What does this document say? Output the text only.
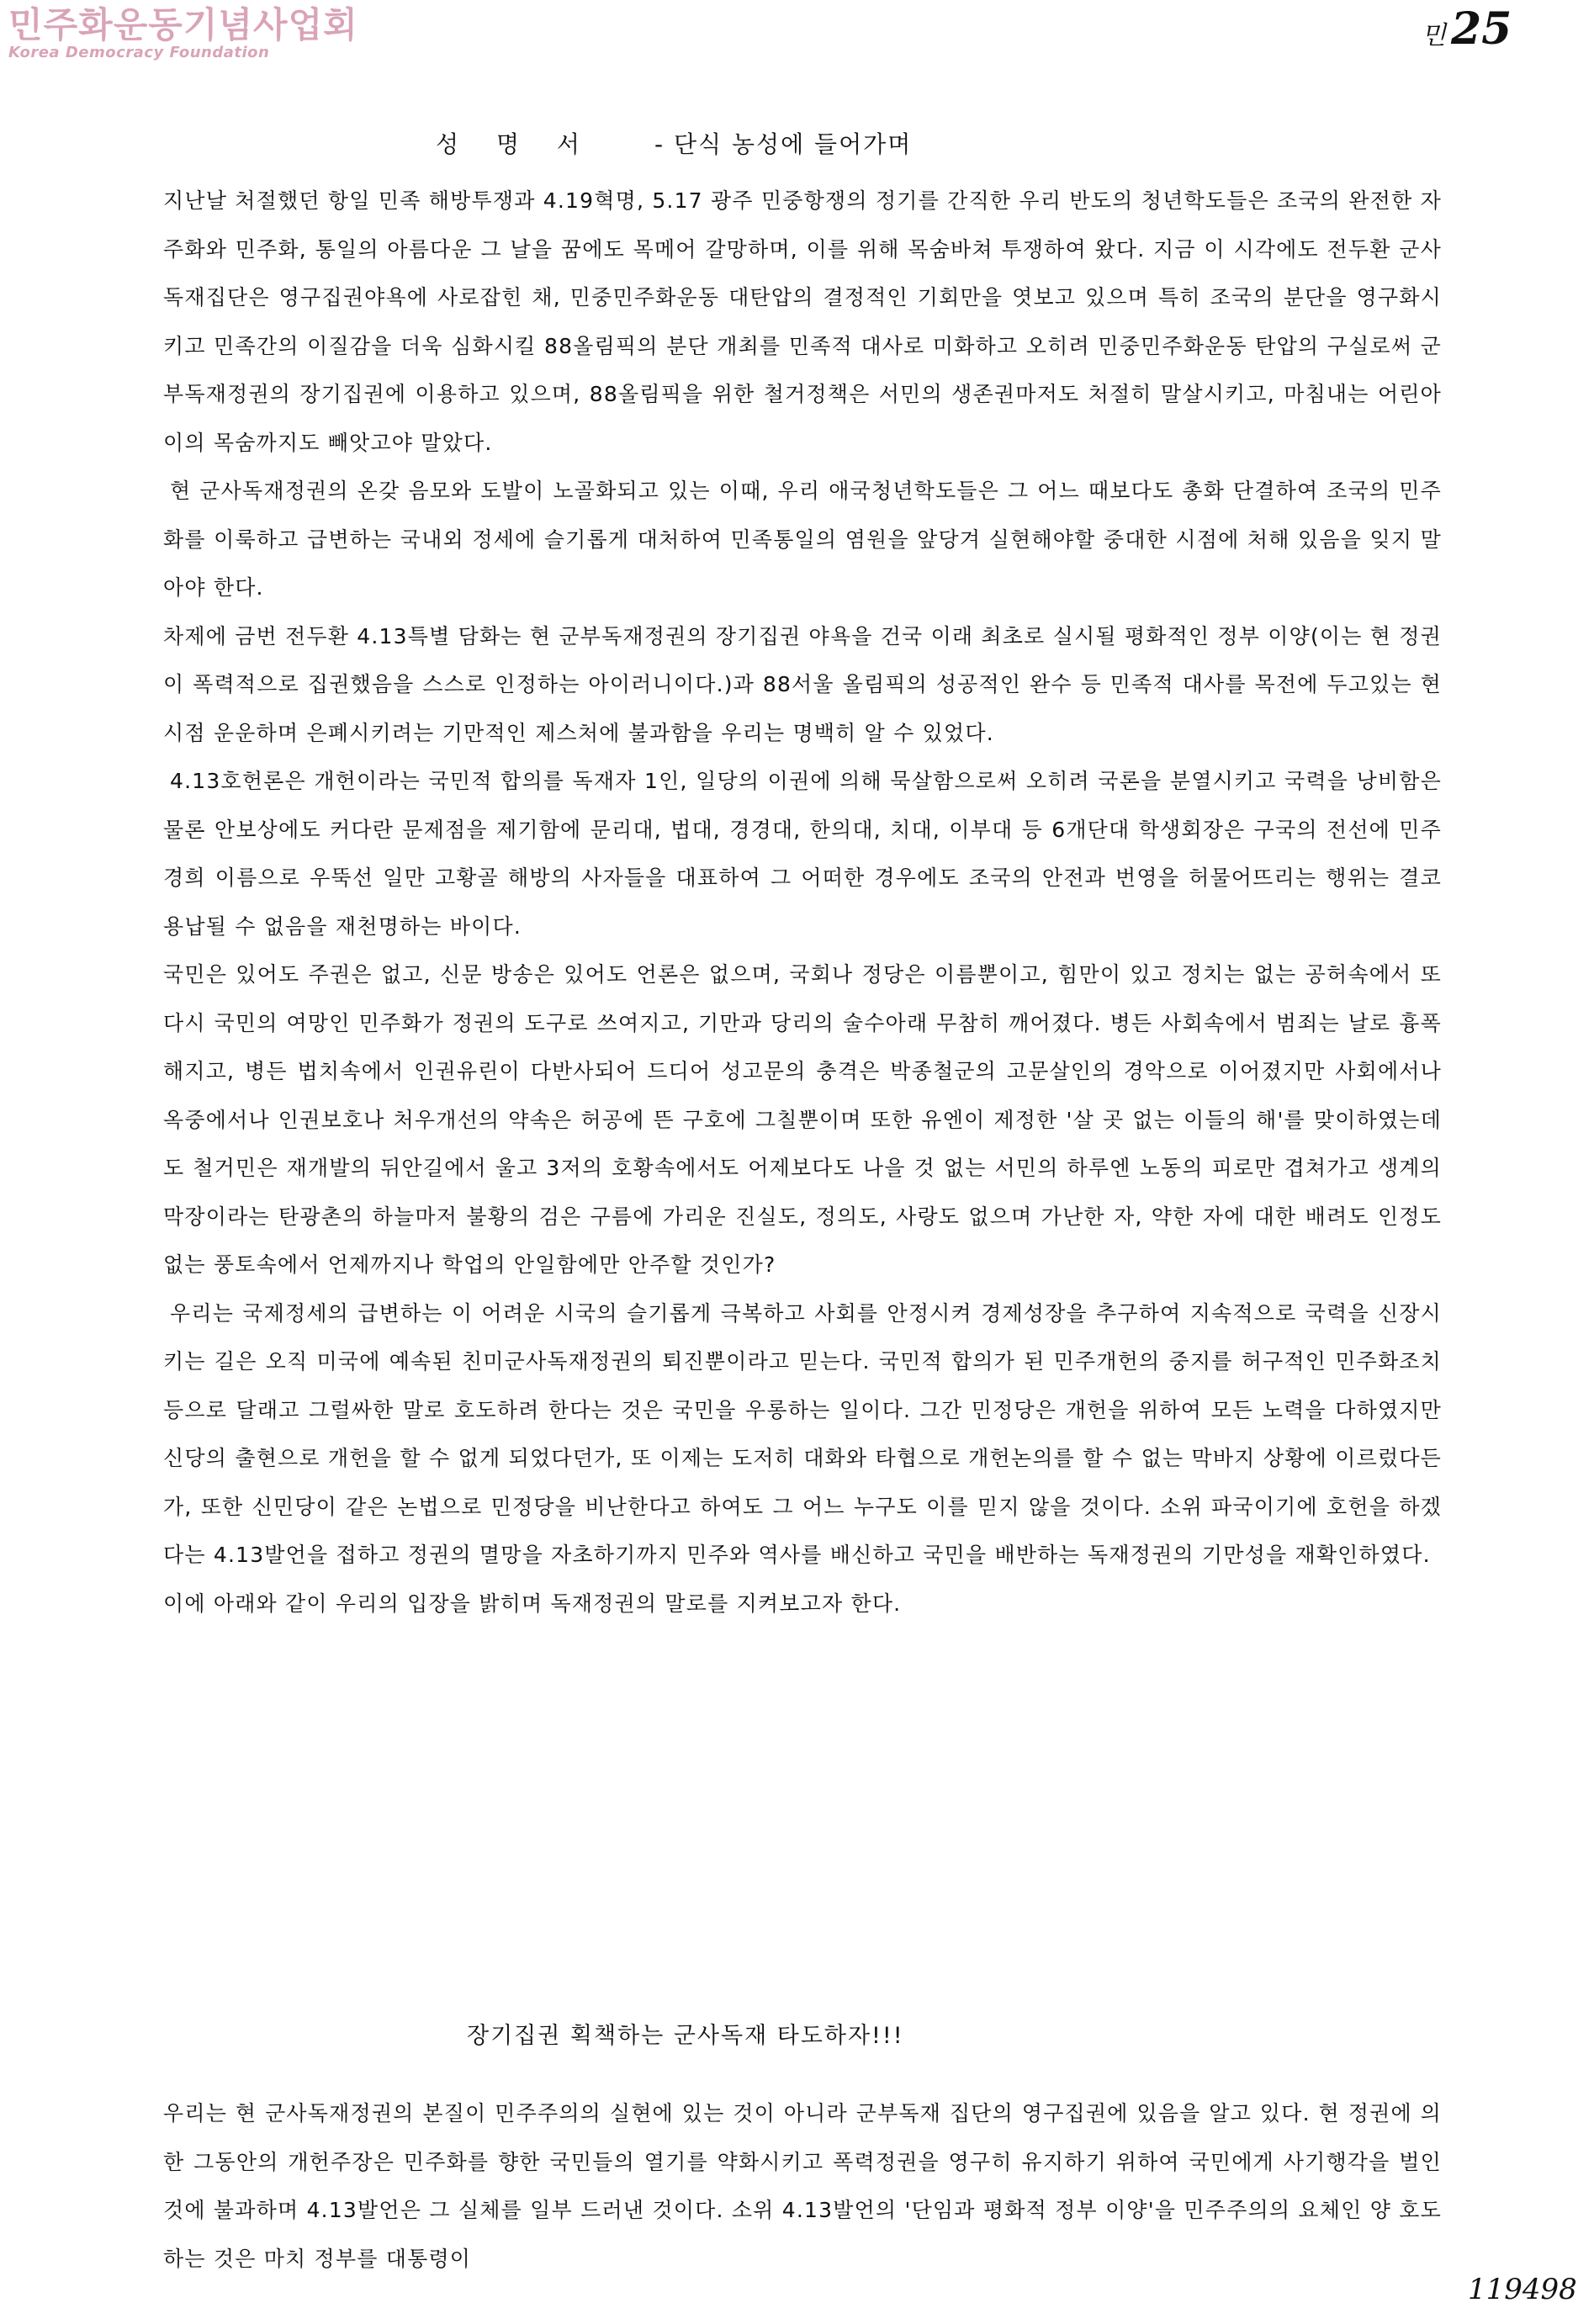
민주화운동기념사업회
Korea Democracy Foundation
민 25
성 명 서	- 단식 농성에 들어가며

지난날 처절했던 항일 민족 해방투쟁과 4.19혁명, 5.17 광주 민중항쟁의 정기를 간직한 우리 반도의 청년학도들은 조국의 완전한 자주화와 민주화, 통일의 아름다운 그 날을 꿈에도 목메어 갈망하며, 이를 위해 목숨바쳐 투쟁하여 왔다. 지금 이 시각에도 전두환 군사독재집단은 영구집권야욕에 사로잡힌 채, 민중민주화운동 대탄압의 결정적인 기회만을 엿보고 있으며 특히 조국의 분단을 영구화시키고 민족간의 이질감을 더욱 심화시킬 88올림픽의 분단 개최를 민족적 대사로 미화하고 오히려 민중민주화운동 탄압의 구실로써 군부독재정권의 장기집권에 이용하고 있으며, 88올림픽을 위한 철거정책은 서민의 생존권마저도 처절히 말살시키고, 마침내는 어린아이의 목숨까지도 빼앗고야 말았다.

현 군사독재정권의 온갖 음모와 도발이 노골화되고 있는 이때, 우리 애국청년학도들은 그 어느 때보다도 총화 단결하여 조국의 민주화를 이룩하고 급변하는 국내외 정세에 슬기롭게 대처하여 민족통일의 염원을 앞당겨 실현해야할 중대한 시점에 처해 있음을 잊지 말아야 한다.

차제에 금번 전두환 4.13특별 담화는 현 군부독재정권의 장기집권 야욕을 건국 이래 최초로 실시될 평화적인 정부 이양(이는 현 정권이 폭력적으로 집권했음을 스스로 인정하는 아이러니이다.)과 88서울 올림픽의 성공적인 완수 등 민족적 대사를 목전에 두고있는 현시점 운운하며 은폐시키려는 기만적인 제스처에 불과함을 우리는 명백히 알 수 있었다.

4.13호헌론은 개헌이라는 국민적 합의를 독재자 1인, 일당의 이권에 의해 묵살함으로써 오히려 국론을 분열시키고 국력을 낭비함은 물론 안보상에도 커다란 문제점을 제기함에 문리대, 법대, 경경대, 한의대, 치대, 이부대 등 6개단대 학생회장은 구국의 전선에 민주경희 이름으로 우뚝선 일만 고황골 해방의 사자들을 대표하여 그 어떠한 경우에도 조국의 안전과 번영을 허물어뜨리는 행위는 결코 용납될 수 없음을 재천명하는 바이다.

국민은 있어도 주권은 없고, 신문 방송은 있어도 언론은 없으며, 국회나 정당은 이름뿐이고, 힘만이 있고 정치는 없는 공허속에서 또다시 국민의 여망인 민주화가 정권의 도구로 쓰여지고, 기만과 당리의 술수아래 무참히 깨어졌다. 병든 사회속에서 범죄는 날로 흉폭해지고, 병든 법치속에서 인권유린이 다반사되어 드디어 성고문의 충격은 박종철군의 고문살인의 경악으로 이어졌지만 사회에서나 옥중에서나 인권보호나 처우개선의 약속은 허공에 뜬 구호에 그칠뿐이며 또한 유엔이 제정한 '살 곳 없는 이들의 해'를 맞이하였는데도 철거민은 재개발의 뒤안길에서 울고 3저의 호황속에서도 어제보다도 나을 것 없는 서민의 하루엔 노동의 피로만 겹쳐가고 생계의 막장이라는 탄광촌의 하늘마저 불황의 검은 구름에 가리운 진실도, 정의도, 사랑도 없으며 가난한 자, 약한 자에 대한 배려도 인정도 없는 풍토속에서 언제까지나 학업의 안일함에만 안주할 것인가?

우리는 국제정세의 급변하는 이 어려운 시국의 슬기롭게 극복하고 사회를 안정시켜 경제성장을 추구하여 지속적으로 국력을 신장시키는 길은 오직 미국에 예속된 친미군사독재정권의 퇴진뿐이라고 믿는다. 국민적 합의가 된 민주개헌의 중지를 허구적인 민주화조치등으로 달래고 그럴싸한 말로 호도하려 한다는 것은 국민을 우롱하는 일이다. 그간 민정당은 개헌을 위하여 모든 노력을 다하였지만 신당의 출현으로 개헌을 할 수 없게 되었다던가, 또 이제는 도저히 대화와 타협으로 개헌논의를 할 수 없는 막바지 상황에 이르렀다든가, 또한 신민당이 같은 논법으로 민정당을 비난한다고 하여도 그 어느 누구도 이를 믿지 않을 것이다. 소위 파국이기에 호헌을 하겠다는 4.13발언을 접하고 정권의 멸망을 자초하기까지 민주와 역사를 배신하고 국민을 배반하는 독재정권의 기만성을 재확인하였다.

이에 아래와 같이 우리의 입장을 밝히며 독재정권의 말로를 지켜보고자 한다.

장기집권 획책하는 군사독재 타도하자!!!

우리는 현 군사독재정권의 본질이 민주주의의 실현에 있는 것이 아니라 군부독재 집단의 영구집권에 있음을 알고 있다. 현 정권에 의한 그동안의 개헌주장은 민주화를 향한 국민들의 열기를 약화시키고 폭력정권을 영구히 유지하기 위하여 국민에게 사기행각을 벌인 것에 불과하며 4.13발언은 그 실체를 일부 드러낸 것이다. 소위 4.13발언의 '단임과 평화적 정부 이양'을 민주주의의 요체인 양 호도하는 것은 마치 정부를 대통령이

119498
